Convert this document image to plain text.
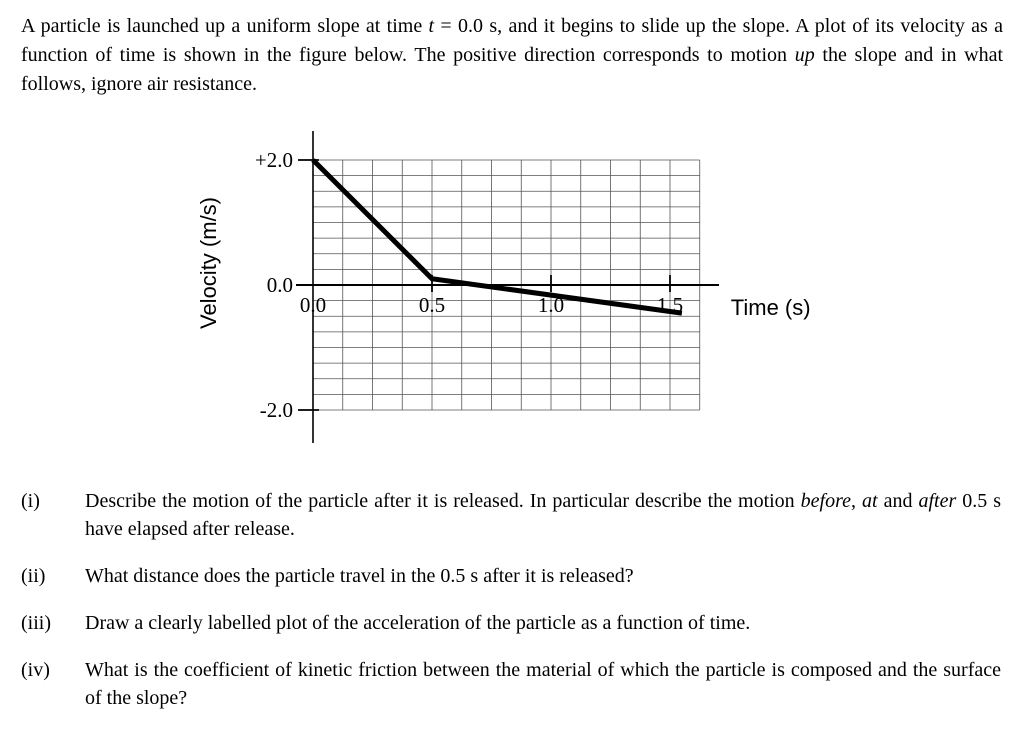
A particle is launched up a uniform slope at time t = 0.0 s, and it begins to slide up the slope. A plot of its velocity as a function of time is shown in the figure below. The positive direction corresponds to motion up the slope and in what follows, ignore air resistance.

+2.0
0.0
-2.0
0.0	0.5	1.0	1.5 Time (s)
Velocity (m/s)
(i)	Describe the motion of the particle after it is released. In particular describe the motion before, at and after 0.5 s have elapsed after release.
(ii)	What distance does the particle travel in the 0.5 s after it is released?
(iii)	Draw a clearly labelled plot of the acceleration of the particle as a function of time.
(iv)	What is the coefficient of kinetic friction between the material of which the particle is composed and the surface of the slope?
